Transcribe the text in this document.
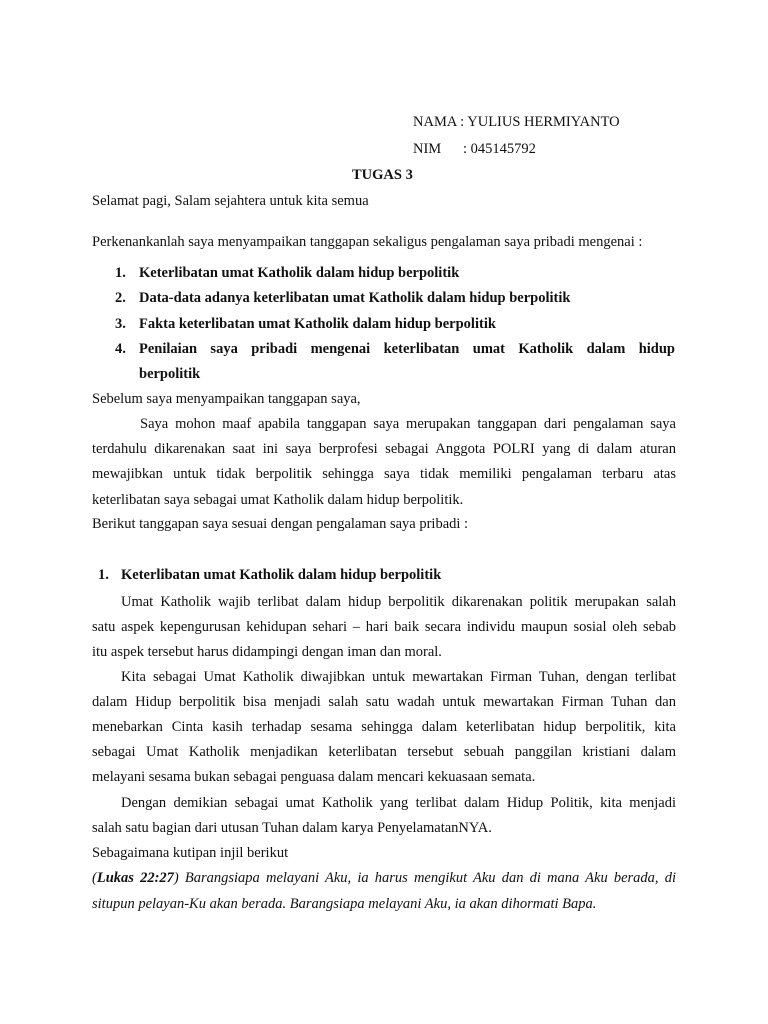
NAMA : YULIUS HERMIYANTO
NIM : 045145792
TUGAS 3
Selamat pagi, Salam sejahtera untuk kita semua
Perkenankanlah saya menyampaikan tanggapan sekaligus pengalaman saya pribadi mengenai :
1. Keterlibatan umat Katholik dalam hidup berpolitik
2. Data-data adanya keterlibatan umat Katholik dalam hidup berpolitik
3. Fakta keterlibatan umat Katholik dalam hidup berpolitik
4. Penilaian saya pribadi mengenai keterlibatan umat Katholik dalam hidup
berpolitik
Sebelum saya menyampaikan tanggapan saya,
Saya mohon maaf apabila tanggapan saya merupakan tanggapan dari pengalaman saya
terdahulu dikarenakan saat ini saya berprofesi sebagai Anggota POLRI yang di dalam aturan
mewajibkan untuk tidak berpolitik sehingga saya tidak memiliki pengalaman terbaru atas
keterlibatan saya sebagai umat Katholik dalam hidup berpolitik.
Berikut tanggapan saya sesuai dengan pengalaman saya pribadi :
1. Keterlibatan umat Katholik dalam hidup berpolitik
Umat Katholik wajib terlibat dalam hidup berpolitik dikarenakan politik merupakan salah
satu aspek kepengurusan kehidupan sehari – hari baik secara individu maupun sosial oleh sebab
itu aspek tersebut harus didampingi dengan iman dan moral.
Kita sebagai Umat Katholik diwajibkan untuk mewartakan Firman Tuhan, dengan terlibat
dalam Hidup berpolitik bisa menjadi salah satu wadah untuk mewartakan Firman Tuhan dan
menebarkan Cinta kasih terhadap sesama sehingga dalam keterlibatan hidup berpolitik, kita
sebagai Umat Katholik menjadikan keterlibatan tersebut sebuah panggilan kristiani dalam
melayani sesama bukan sebagai penguasa dalam mencari kekuasaan semata.
Dengan demikian sebagai umat Katholik yang terlibat dalam Hidup Politik, kita menjadi
salah satu bagian dari utusan Tuhan dalam karya PenyelamatanNYA.
Sebagaimana kutipan injil berikut
(Lukas 22:27) Barangsiapa melayani Aku, ia harus mengikut Aku dan di mana Aku berada, di
situpun pelayan-Ku akan berada. Barangsiapa melayani Aku, ia akan dihormati Bapa.
